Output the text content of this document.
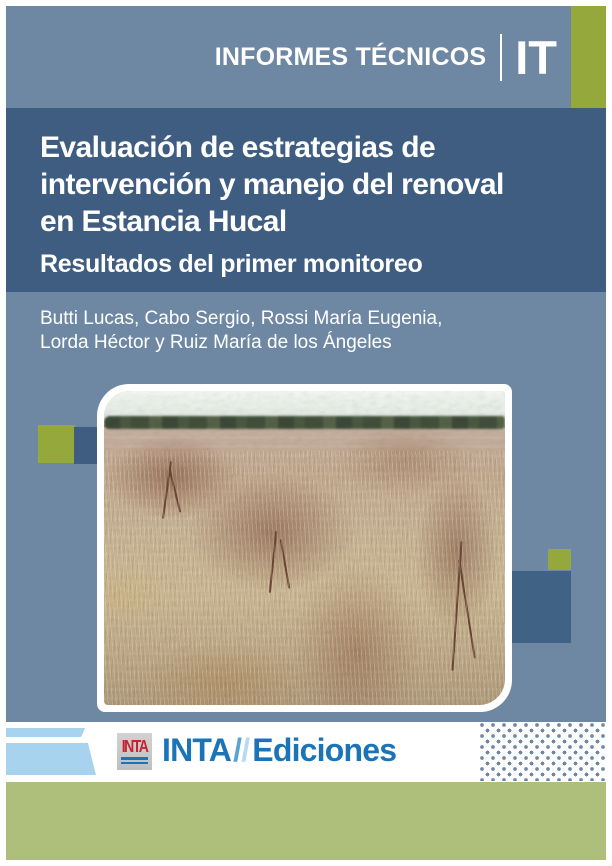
INFORMES TÉCNICOS IT
Evaluación de estrategias de
intervención y manejo del renoval
en Estancia Hucal
Resultados del primer monitoreo
Butti Lucas, Cabo Sergio, Rossi María Eugenia,
Lorda Héctor y Ruiz María de los Ángeles
INTA INTA / / Ediciones
